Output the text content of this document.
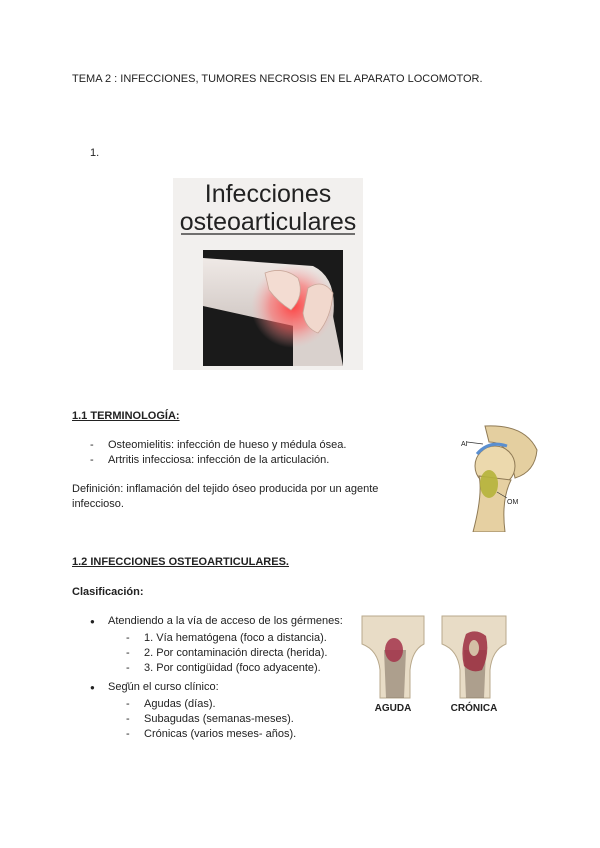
TEMA 2 : INFECCIONES, TUMORES NECROSIS EN EL APARATO LOCOMOTOR.
1.
Infecciones
osteoarticulares
1.1 TERMINOLOGÍA:
- Osteomielitis: infección de hueso y médula ósea.
- Artritis infecciosa: infección de la articulación.
Definición: inflamación del tejido óseo producida por un agente
infeccioso.
AI
OM
1.2 INFECCIONES OSTEOARTICULARES.
Clasificación:
● Atendiendo a la vía de acceso de los gérmenes:
- 1. Vía hematógena (foco a distancia).
- 2. Por contaminación directa (herida).
- 3. Por contigüidad (foco adyacente).
● Según el curso clínico:
- Agudas (días).
- Subagudas (semanas-meses).
- Crónicas (varios meses- años).
AGUDA	CRÓNICA
